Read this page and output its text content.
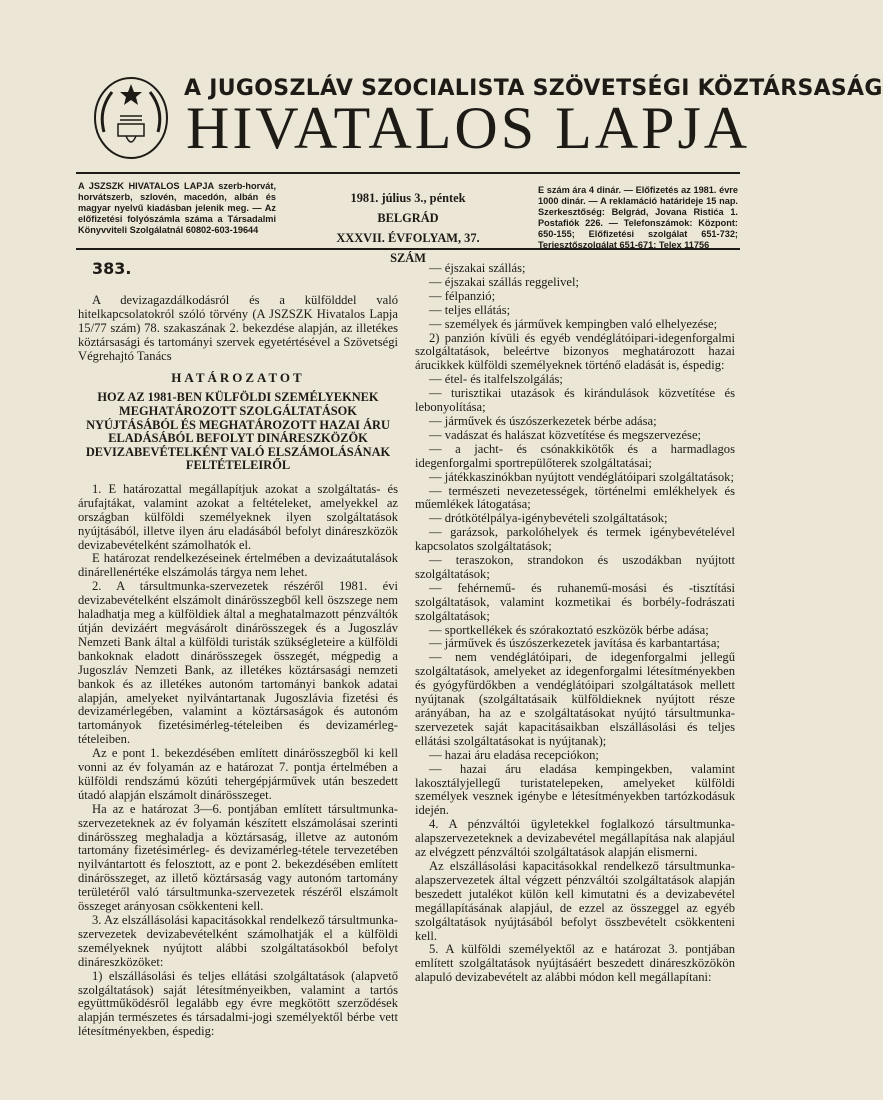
A JUGOSZLÁV SZOCIALISTA SZÖVETSÉGI KÖZTÁRSASÁG
HIVATALOS LAPJA
A JSZSZK HIVATALOS LAPJA szerb-horvát, horvátszerb, szlovén, macedón, albán és magyar nyelvű kiadásban jelenik meg. — Az előfizetési folyószámla száma a Társadalmi Könyvviteli Szolgálatnál 60802-603-19644
1981. július 3., péntek
BELGRÁD
XXXVII. ÉVFOLYAM, 37. SZÁM
E szám ára 4 dinár. — Előfizetés az 1981. évre 1000 dinár. — A reklamáció határideje 15 nap. Szerkesztőség: Belgrád, Jovana Ristića 1. Postafiók 226. — Telefonszámok: Központ: 650-155; Előfizetési szolgálat 651-732; Terjesztőszolgálat 651-671; Telex 11756
383.

A devizagazdálkodásról és a külfölddel való hitelkapcsolatokról szóló törvény (A JSZSZK Hivatalos Lapja 15/77 szám) 78. szakaszának 2. bekezdése alapján, az illetékes köztársasági és tartományi szervek egyetértésével a Szövetségi Végrehajtó Tanács

HATÁROZATOT
HOZ AZ 1981-BEN KÜLFÖLDI SZEMÉLYEKNEK MEGHATÁROZOTT SZOLGÁLTATÁSOK NYÚJTÁSÁBÓL ÉS MEGHATÁROZOTT HAZAI ÁRU ELADÁSÁBÓL BEFOLYT DINÁRESZKÖZÖK DEVIZABEVÉTELKÉNT VALÓ ELSZÁMOLÁSÁNAK FELTÉTELEIRŐL

1. E határozattal megállapítjuk azokat a szolgáltatás- és árufajtákat, valamint azokat a feltételeket, amelyekkel az országban külföldi személyeknek ilyen szolgáltatások nyújtásából, illetve ilyen áru eladásából befolyt dináreszközök devizabevételként számolhatók el.

E határozat rendelkezéseinek értelmében a devizaátutalások dinárellenértéke elszámolás tárgya nem lehet.

2. A társultmunka-szervezetek részéről 1981. évi devizabevételként elszámolt dinárösszegből kell öszszege nem haladhatja meg a külföldiek által a meghatalmazott pénzváltók útján devizáért megvásárolt dinárösszegek és a Jugoszláv Nemzeti Bank által a külföldi turisták szükségleteire a külföldi bankoknak eladott dinárösszegek összegét, mégpedig a Jugoszláv Nemzeti Bank, az illetékes köztársasági nemzeti bankok és az illetékes autonóm tartományi bankok adatai alapján, amelyeket nyilvántartanak Jugoszlávia fizetési és devizamérlegében, valamint a köztársaságok és autonóm tartományok fizetésimérleg-tételeiben és devizamérleg-tételeiben.

Az e pont 1. bekezdésében említett dinárösszegből ki kell vonni az év folyamán az e határozat 7. pontja értelmében a külföldi rendszámú közúti tehergépjárművek után beszedett útadó alapján elszámolt dinárösszeget.

Ha az e határozat 3—6. pontjában említett társultmunka-szervezeteknek az év folyamán készített elszámolásai szerinti dinárösszeg meghaladja a köztársaság, illetve az autonóm tartomány fizetésimérleg- és devizamérleg-tétele tervezetében nyilvántartott és felosztott, az e pont 2. bekezdésében említett dinárösszeget, az illető köztársaság vagy autonóm tartomány területéről való társultmunka-szervezetek részéről elszámolt összeget arányosan csökkenteni kell.

3. Az elszállásolási kapacitásokkal rendelkező társultmunka-szervezetek devizabevételként számolhatják el a külföldi személyeknek nyújtott alábbi szolgáltatásokból befolyt dináreszközöket:

1) elszállásolási és teljes ellátási szolgáltatások (alapvető szolgáltatások) saját létesítményeikben, valamint a tartós együttműködésről legalább egy évre megkötött szerződések alapján természetes és társadalmi-jogi személyektől bérbe vett létesítményekben, éspedig:

— éjszakai szállás;
— éjszakai szállás reggelivel;
— félpanzió;
— teljes ellátás;
— személyek és járművek kempingben való elhelyezése;

2) panzión kívüli és egyéb vendéglátóipari-idegenforgalmi szolgáltatások, beleértve bizonyos meghatározott hazai árucikkek külföldi személyeknek történő eladását is, éspedig:

— étel- és italfelszolgálás;
— turisztikai utazások és kirándulások közvetítése és lebonyolítása;
— járművek és úszószerkezetek bérbe adása;
— vadászat és halászat közvetítése és megszervezése;
— a jacht- és csónakkikötők és a harmadlagos idegenforgalmi sportrepülőterek szolgáltatásai;
— játékkaszinókban nyújtott vendéglátóipari szolgáltatások;
— természeti nevezetességek, történelmi emlékhelyek és műemlékek látogatása;
— drótkötélpálya-igénybevételi szolgáltatások;
— garázsok, parkolóhelyek és termek igénybevételével kapcsolatos szolgáltatások;
— teraszokon, strandokon és uszodákban nyújtott szolgáltatások;
— fehérnemű- és ruhanemű-mosási és -tisztítási szolgáltatások, valamint kozmetikai és borbély-fodrászati szolgáltatások;
— sportkellékek és szórakoztató eszközök bérbe adása;
— járművek és úszószerkezetek javítása és karbantartása;
— nem vendéglátóipari, de idegenforgalmi jellegű szolgáltatások, amelyeket az idegenforgalmi létesítményekben és gyógyfürdőkben a vendéglátóipari szolgáltatások mellett nyújtanak (szolgáltatásaik külföldieknek nyújtott része arányában, ha az e szolgáltatásokat nyújtó társultmunka-szervezetek saját kapacitásaikban elszállásolási és teljes ellátási szolgáltatásokat is nyújtanak);
— hazai áru eladása recepciókon;
— hazai áru eladása kempingekben, valamint lakosztályjellegű turistatelepeken, amelyeket külföldi személyek vesznek igénybe e létesítményekben tartózkodásuk idején.

4. A pénzváltói ügyletekkel foglalkozó társultmunka-alapszervezeteknek a devizabevétel megállapítása nak alapjául az elvégzett pénzváltói szolgáltatások alapján elismerni.

Az elszállásolási kapacitásokkal rendelkező társultmunka-alapszervezetek által végzett pénzváltói szolgáltatások alapján beszedett jutalékot külön kell kimutatni és a devizabevétel megállapításának alapjául, de ezzel az összeggel az egyéb szolgáltatások nyújtásából befolyt összbevételt csökkenteni kell.

5. A külföldi személyektől az e határozat 3. pontjában említett szolgáltatások nyújtásáért beszedett dináreszközökön alapuló devizabevételt az alábbi módon kell megállapítani:
